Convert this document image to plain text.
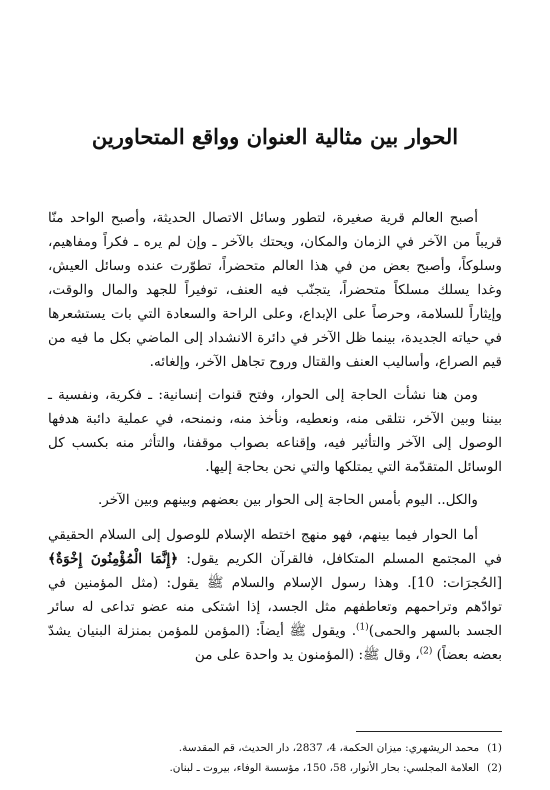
الحوار بين مثالية العنوان وواقع المتحاورين

أصبح العالم قرية صغيرة، لتطور وسائل الاتصال الحديثة، وأصبح الواحد منّا قريباً من الآخر في الزمان والمكان، ويحتك بالآخر ـ وإن لم يره ـ فكراً ومفاهيم، وسلوكاً، وأصبح بعض من في هذا العالم متحضراً، تطوّرت عنده وسائل العيش، وغدا يسلك مسلكاً متحضراً، يتجنّب فيه العنف، توفيراً للجهد والمال والوقت، وإيثاراً للسلامة، وحرصاً على الإبداع، وعلى الراحة والسعادة التي بات يستشعرها في حياته الجديدة، بينما ظل الآخر في دائرة الانشداد إلى الماضي بكل ما فيه من قيم الصراع، وأساليب العنف والقتال وروح تجاهل الآخر، وإلغائه.

ومن هنا نشأت الحاجة إلى الحوار، وفتح قنوات إنسانية: ـ فكرية، ونفسية ـ بيننا وبين الآخر، نتلقى منه، ونعطيه، ونأخذ منه، ونمنحه، في عملية دائبة هدفها الوصول إلى الآخر والتأثير فيه، وإقناعه بصواب موقفنا، والتأثر منه بكسب كل الوسائل المتقدّمة التي يمتلكها والتي نحن بحاجة إليها.

والكل.. اليوم بأمس الحاجة إلى الحوار بين بعضهم وبينهم وبين الآخر.

أما الحوار فيما بينهم، فهو منهج اختطه الإسلام للوصول إلى السلام الحقيقي في المجتمع المسلم المتكافل، فالقرآن الكريم يقول: ﴿إِنَّمَا الْمُؤْمِنُونَ إِخْوَةٌ﴾ [الحُجرَات: 10]. وهذا رسول الإسلام والسلام ﷺ يقول: (مثل المؤمنين في توادّهم وتراحمهم وتعاطفهم مثل الجسد، إذا اشتكى منه عضو تداعى له سائر الجسد بالسهر والحمى)$^{(1)}$. ويقول ﷺ أيضاً: (المؤمن للمؤمن بمنزلة البنيان يشدّ بعضه بعضاً) $^{(2)}$، وقال ﷺ: (المؤمنون يد واحدة على من

(1)
محمد الريشهري: ميزان الحكمة، 4، 2837، دار الحديث، قم المقدسة.
(2)
العلامة المجلسي: بحار الأنوار، 58، 150، مؤسسة الوفاء، بيروت ـ لبنان.
